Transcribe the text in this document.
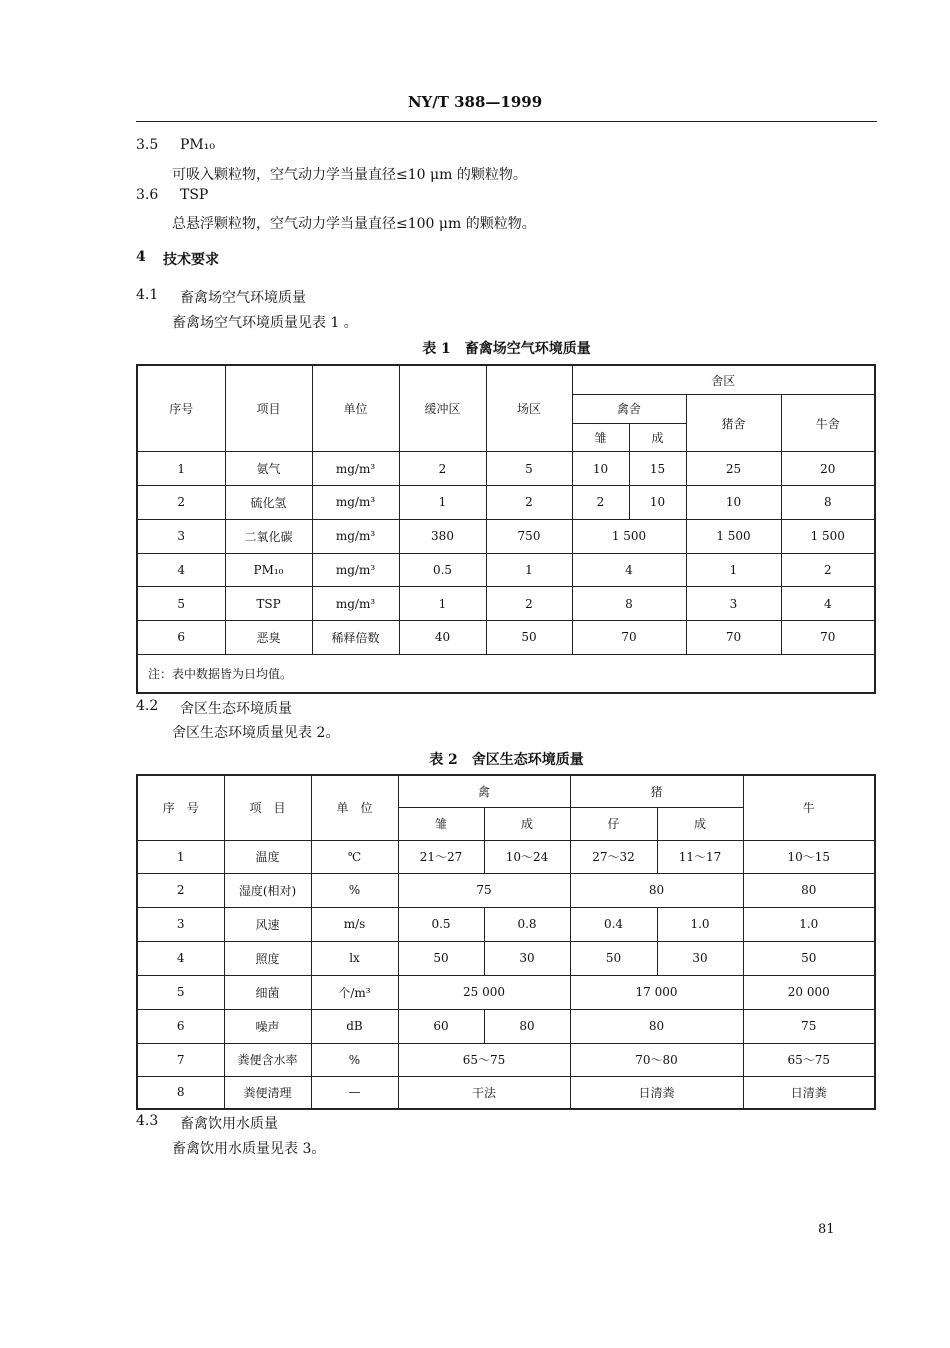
NY/T 388—1999
3.5 PM₁₀
可吸入颗粒物，空气动力学当量直径≤10 μm 的颗粒物。
3.6 TSP
总悬浮颗粒物，空气动力学当量直径≤100 μm 的颗粒物。
4 技术要求
4.1 畜禽场空气环境质量
畜禽场空气环境质量见表 1 。
表 1　畜禽场空气环境质量
序号	项目	单位	缓冲区	场区	舍区			
					禽舍		猪舍	牛舍
					雏	成		
1	氨气	mg/m³	2	5	10	15	25	20
2	硫化氢	mg/m³	1	2	2	10	10	8
3	二氧化碳	mg/m³	380	750	1 500		1 500	1 500
4	PM₁₀	mg/m³	0.5	1	4		1	2
5	TSP	mg/m³	1	2	8		3	4
6	恶臭	稀释倍数	40	50	70		70	70
注：表中数据皆为日均值。								
4.2 舍区生态环境质量
舍区生态环境质量见表 2。
表 2　舍区生态环境质量
序　号	项　目	单　位	禽		猪		牛
			雏	成	仔	成	
1	温度	℃	21～27	10～24	27～32	11～17	10～15
2	湿度(相对)	%	75		80		80
3	风速	m/s	0.5	0.8	0.4	1.0	1.0
4	照度	lx	50	30	50	30	50
5	细菌	个/m³	25 000		17 000		20 000
6	噪声	dB	60	80	80		75
7	粪便含水率	%	65～75		70～80		65～75
8	粪便清理	—	干法		日清粪		日清粪
4.3 畜禽饮用水质量
畜禽饮用水质量见表 3。
81
